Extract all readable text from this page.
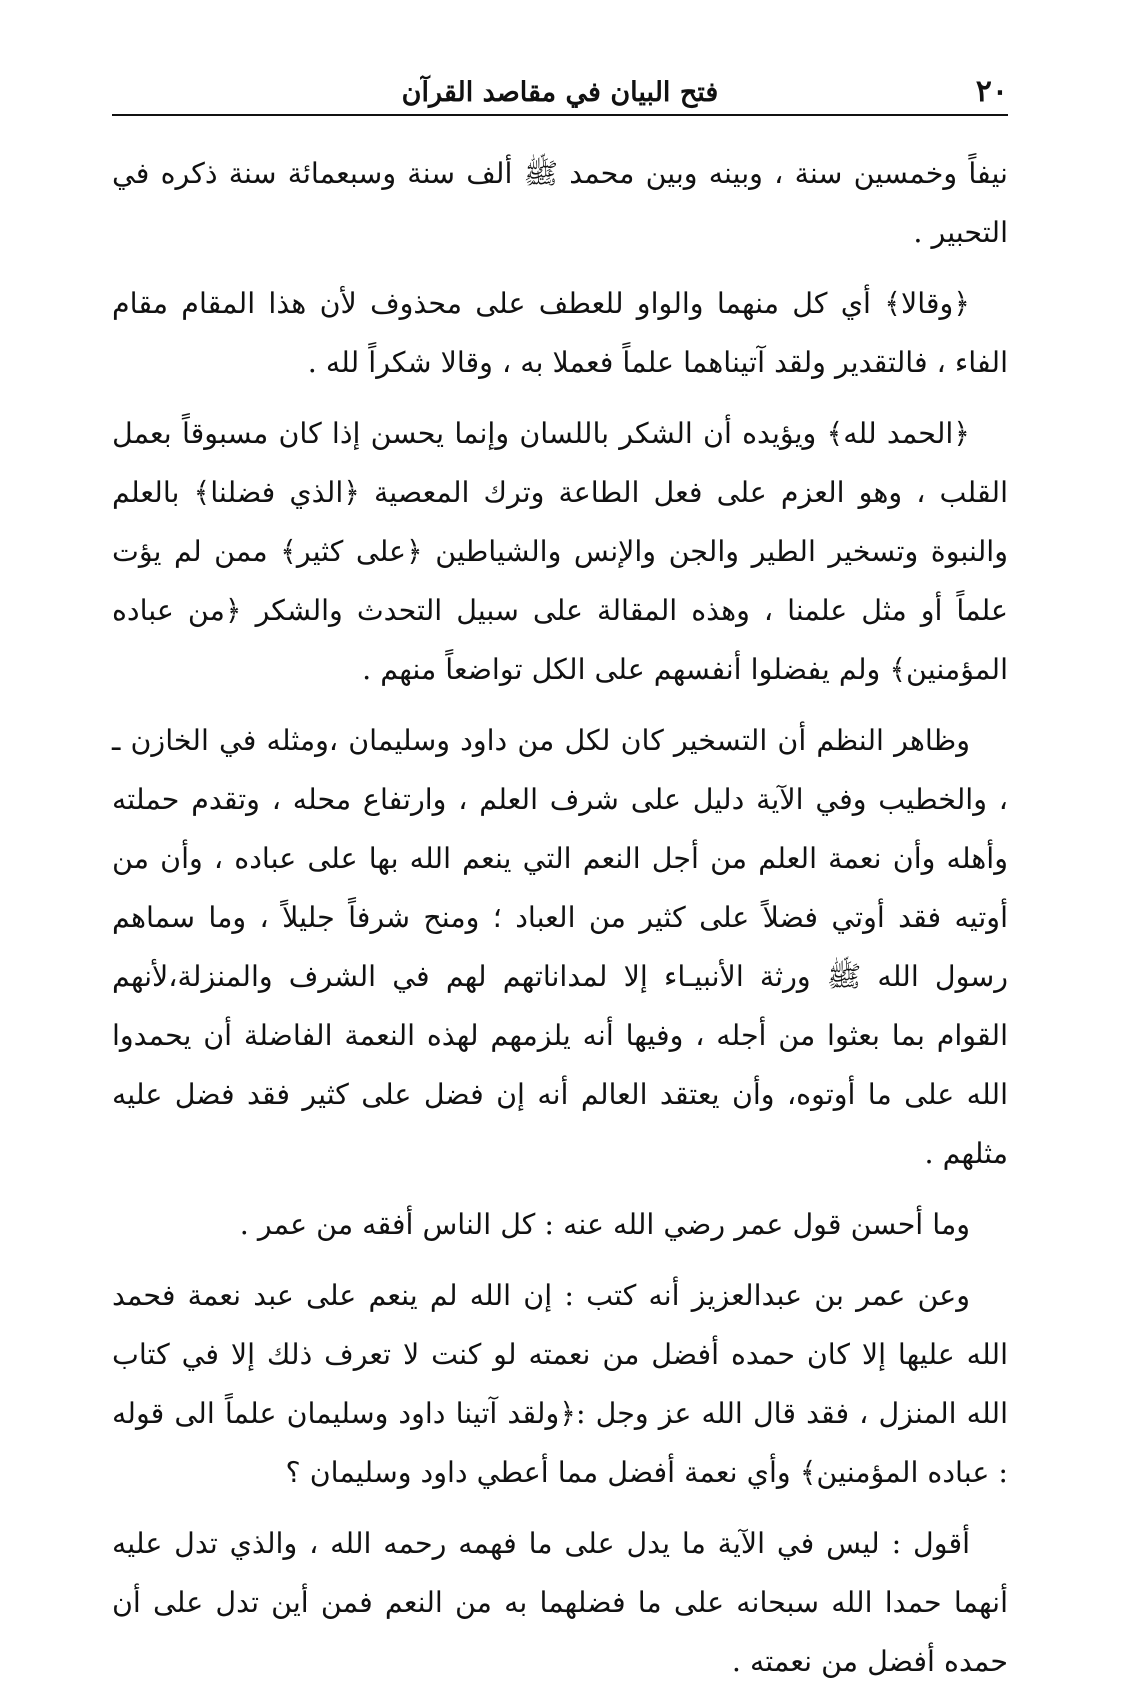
٢٠
فتح البيان في مقاصد القرآن

نيفاً وخمسين سنة ، وبينه وبين محمد ﷺ ألف سنة وسبعمائة سنة ذكره في التحبير .

﴿وقالا﴾ أي كل منهما والواو للعطف على محذوف لأن هذا المقام مقام الفاء ، فالتقدير ولقد آتيناهما علماً فعملا به ، وقالا شكراً لله .

﴿الحمد لله﴾ ويؤيده أن الشكر باللسان وإنما يحسن إذا كان مسبوقاً بعمل القلب ، وهو العزم على فعل الطاعة وترك المعصية ﴿الذي فضلنا﴾ بالعلم والنبوة وتسخير الطير والجن والإنس والشياطين ﴿على كثير﴾ ممن لم يؤت علماً أو مثل علمنا ، وهذه المقالة على سبيل التحدث والشكر ﴿من عباده المؤمنين﴾ ولم يفضلوا أنفسهم على الكل تواضعاً منهم .

وظاهر النظم أن التسخير كان لكل من داود وسليمان ،ومثله في الخازن ـ ، والخطيب وفي الآية دليل على شرف العلم ، وارتفاع محله ، وتقدم حملته وأهله وأن نعمة العلم من أجل النعم التي ينعم الله بها على عباده ، وأن من أوتيه فقد أوتي فضلاً على كثير من العباد ؛ ومنح شرفاً جليلاً ، وما سماهم رسول الله ﷺ ورثة الأنبيـاء إلا لمداناتهم لهم في الشرف والمنزلة،لأنهم القوام بما بعثوا من أجله ، وفيها أنه يلزمهم لهذه النعمة الفاضلة أن يحمدوا الله على ما أوتوه، وأن يعتقد العالم أنه إن فضل على كثير فقد فضل عليه مثلهم .

وما أحسن قول عمر رضي الله عنه : كل الناس أفقه من عمر .

وعن عمر بن عبدالعزيز أنه كتب : إن الله لم ينعم على عبد نعمة فحمد الله عليها إلا كان حمده أفضل من نعمته لو كنت لا تعرف ذلك إلا في كتاب الله المنزل ، فقد قال الله عز وجل :﴿ولقد آتينا داود وسليمان علماً الى قوله : عباده المؤمنين﴾ وأي نعمة أفضل مما أعطي داود وسليمان ؟

أقول : ليس في الآية ما يدل على ما فهمه رحمه الله ، والذي تدل عليه أنهما حمدا الله سبحانه على ما فضلهما به من النعم فمن أين تدل على أن حمده أفضل من نعمته .
